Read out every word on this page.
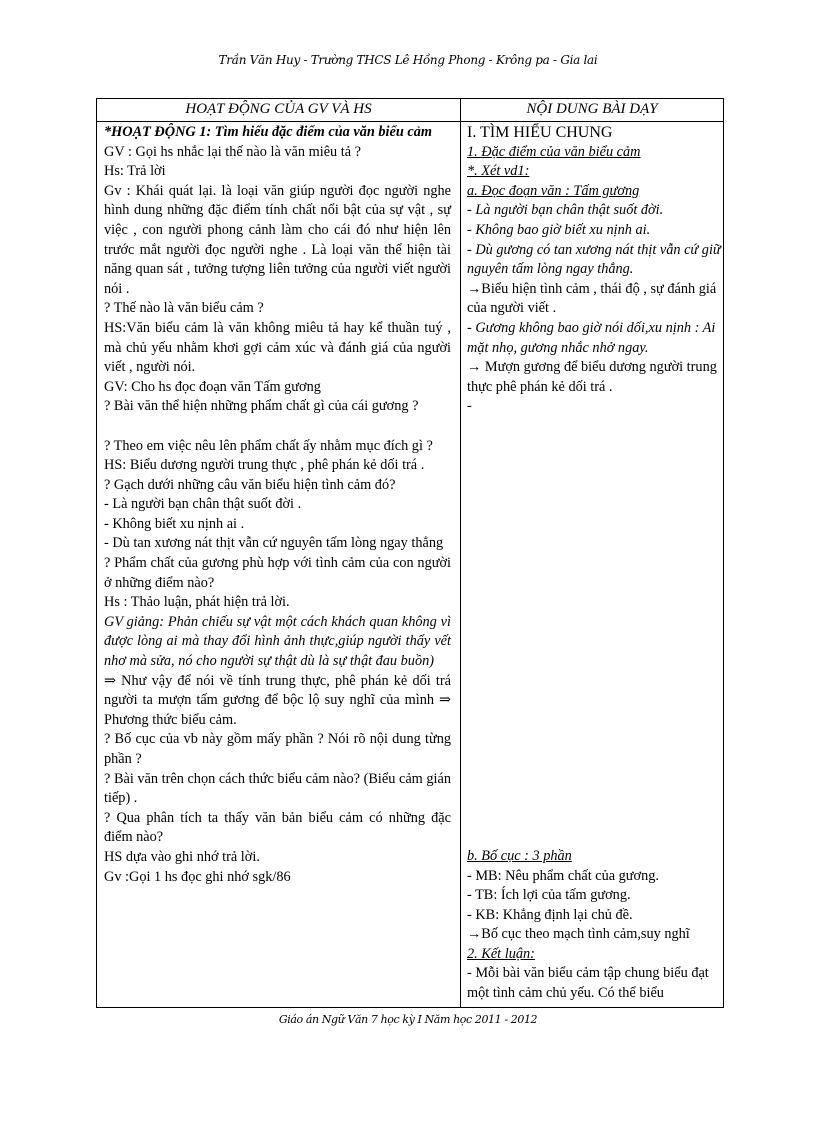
Trần Văn Huy - Trường THCS Lê Hồng Phong - Krông pa - Gia lai
HOẠT ĐỘNG CỦA GV VÀ HS	NỘI DUNG BÀI DẠY

*HOẠT ĐỘNG 1: Tìm hiểu đặc điểm của văn biểu cảm

GV : Gọi hs nhắc lại thế nào là văn miêu tả ?

Hs: Trả lời

Gv : Khái quát lại. là loại văn giúp người đọc người nghe hình dung những đặc điểm tính chất nổi bật của sự vật , sự việc , con người phong cảnh làm cho cái đó như hiện lên trước mắt người đọc người nghe . Là loại văn thể hiện tài năng quan sát , tưởng tượng liên tưởng của người viết người nói .

? Thế nào là văn biểu cảm ?

HS:Văn biểu cảm là văn không miêu tả hay kể thuần tuý , mà chủ yếu nhằm khơi gợi cảm xúc và đánh giá của người viết , người nói.

GV: Cho hs đọc đoạn văn Tấm gương

? Bài văn thể hiện những phẩm chất gì của cái gương ?

? Theo em việc nêu lên phẩm chất ấy nhằm mục đích gì ?

HS: Biểu dương người trung thực , phê phán kẻ dối trá .

? Gạch dưới những câu văn biểu hiện tình cảm đó?

- Là người bạn chân thật suốt đời .

- Không biết xu nịnh ai .

- Dù tan xương nát thịt vẫn cứ nguyên tấm lòng ngay thẳng

? Phẩm chất của gương phù hợp với tình cảm của con người ở những điểm nào?

Hs : Thảo luận, phát hiện trả lời.

GV giảng: Phản chiếu sự vật một cách khách quan không vì được lòng ai mà thay đổi hình ảnh thực,giúp người thấy vết nhơ mà sửa, nó cho người sự thật dù là sự thật đau buồn)

⇒ Như vậy để nói về tính trung thực, phê phán kẻ dối trá người ta mượn tấm gương để bộc lộ suy nghĩ của mình ⇒ Phương thức biểu cảm.

? Bố cục của vb này gồm mấy phần ? Nói rõ nội dung từng phần ?

? Bài văn trên chọn cách thức biểu cảm nào? (Biểu cảm gián tiếp) .

? Qua phân tích ta thấy văn bản biểu cảm có những đặc điểm nào?

HS dựa vào ghi nhớ trả lời.

Gv :Gọi 1 hs đọc ghi nhớ sgk/86

I. TÌM HIỂU CHUNG

1. Đặc điểm của văn biểu cảm

*. Xét vd1:

a. Đọc đoạn văn : Tấm gương

- Là người bạn chân thật suốt đời.

- Không bao giờ biết xu nịnh ai.

- Dù gương có tan xương nát thịt vẫn cứ giữ nguyên tấm lòng ngay thẳng.

→Biểu hiện tình cảm , thái độ , sự đánh giá của người viết .

- Gương không bao giờ nói dối,xu nịnh : Ai mặt nhọ, gương nhắc nhở ngay.

→ Mượn gương để biểu dương người trung thực phê phán kẻ dối trá .

-

b. Bố cục : 3 phần

- MB: Nêu phẩm chất của gương.

- TB: Ích lợi của tấm gương.

- KB: Khẳng định lại chủ đề.

→Bố cục theo mạch tình cảm,suy nghĩ

2. Kết luận:

- Mỗi bài văn biểu cảm tập chung biểu đạt một tình cảm chủ yếu. Có thể biểu

Giáo án Ngữ Văn 7 học kỳ I Năm học 2011 - 2012
